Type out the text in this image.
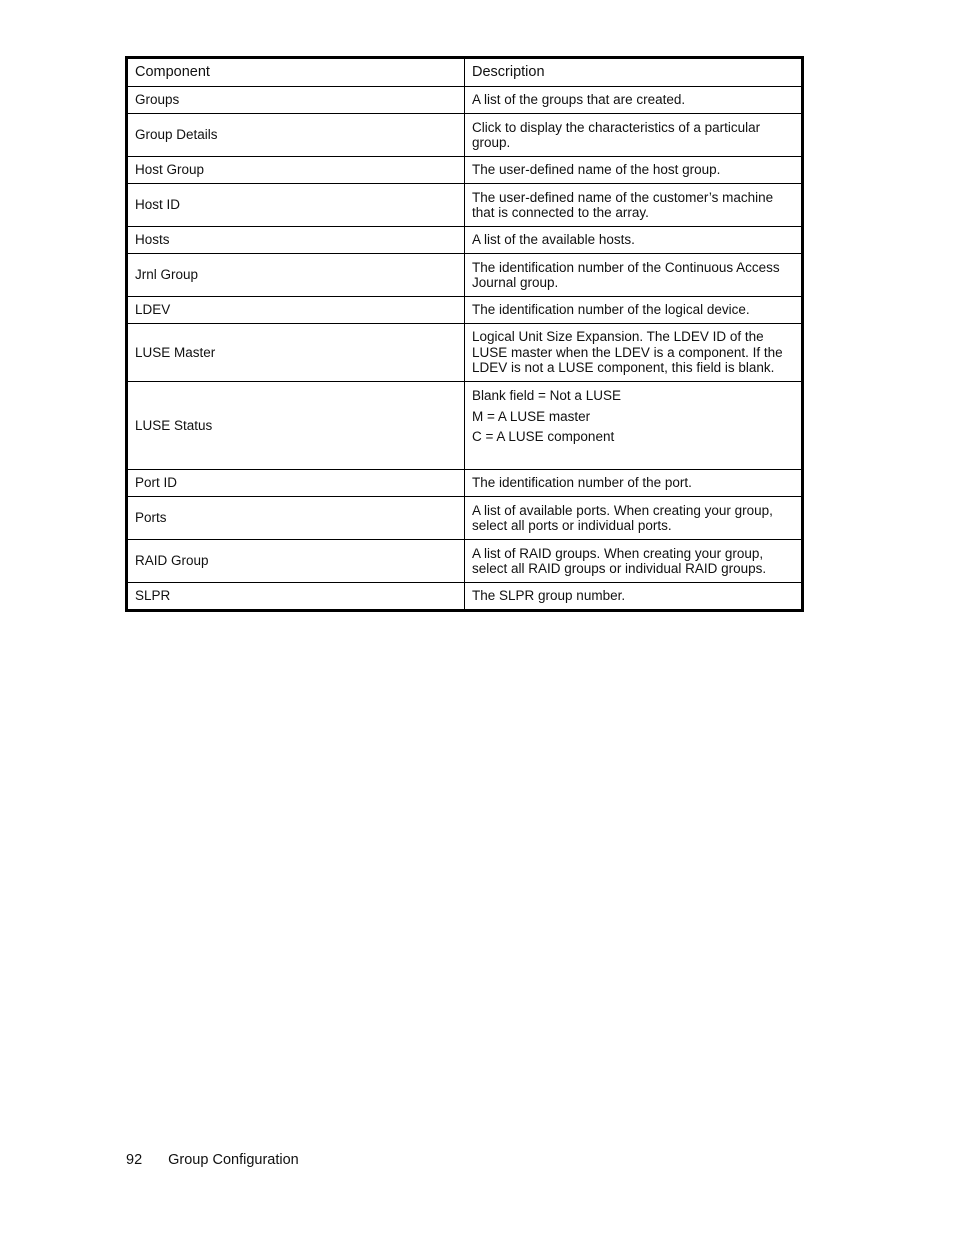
Component	Description
Groups	A list of the groups that are created.
Group Details	Click to display the characteristics of a particular group.
Host Group	The user-defined name of the host group.
Host ID	The user-defined name of the customer’s machine that is connected to the array.
Hosts	A list of the available hosts.
Jrnl Group	The identification number of the Continuous Access Journal group.
LDEV	The identification number of the logical device.
LUSE Master	Logical Unit Size Expansion. The LDEV ID of the LUSE master when the LDEV is a component. If the LDEV is not a LUSE component, this field is blank.
LUSE Status	Blank field = Not a LUSE
M = A LUSE master
C = A LUSE component

Port ID	The identification number of the port.
Ports	A list of available ports. When creating your group, select all ports or individual ports.
RAID Group	A list of RAID groups. When creating your group, select all RAID groups or individual RAID groups.
SLPR	The SLPR group number.
92 Group Configuration
